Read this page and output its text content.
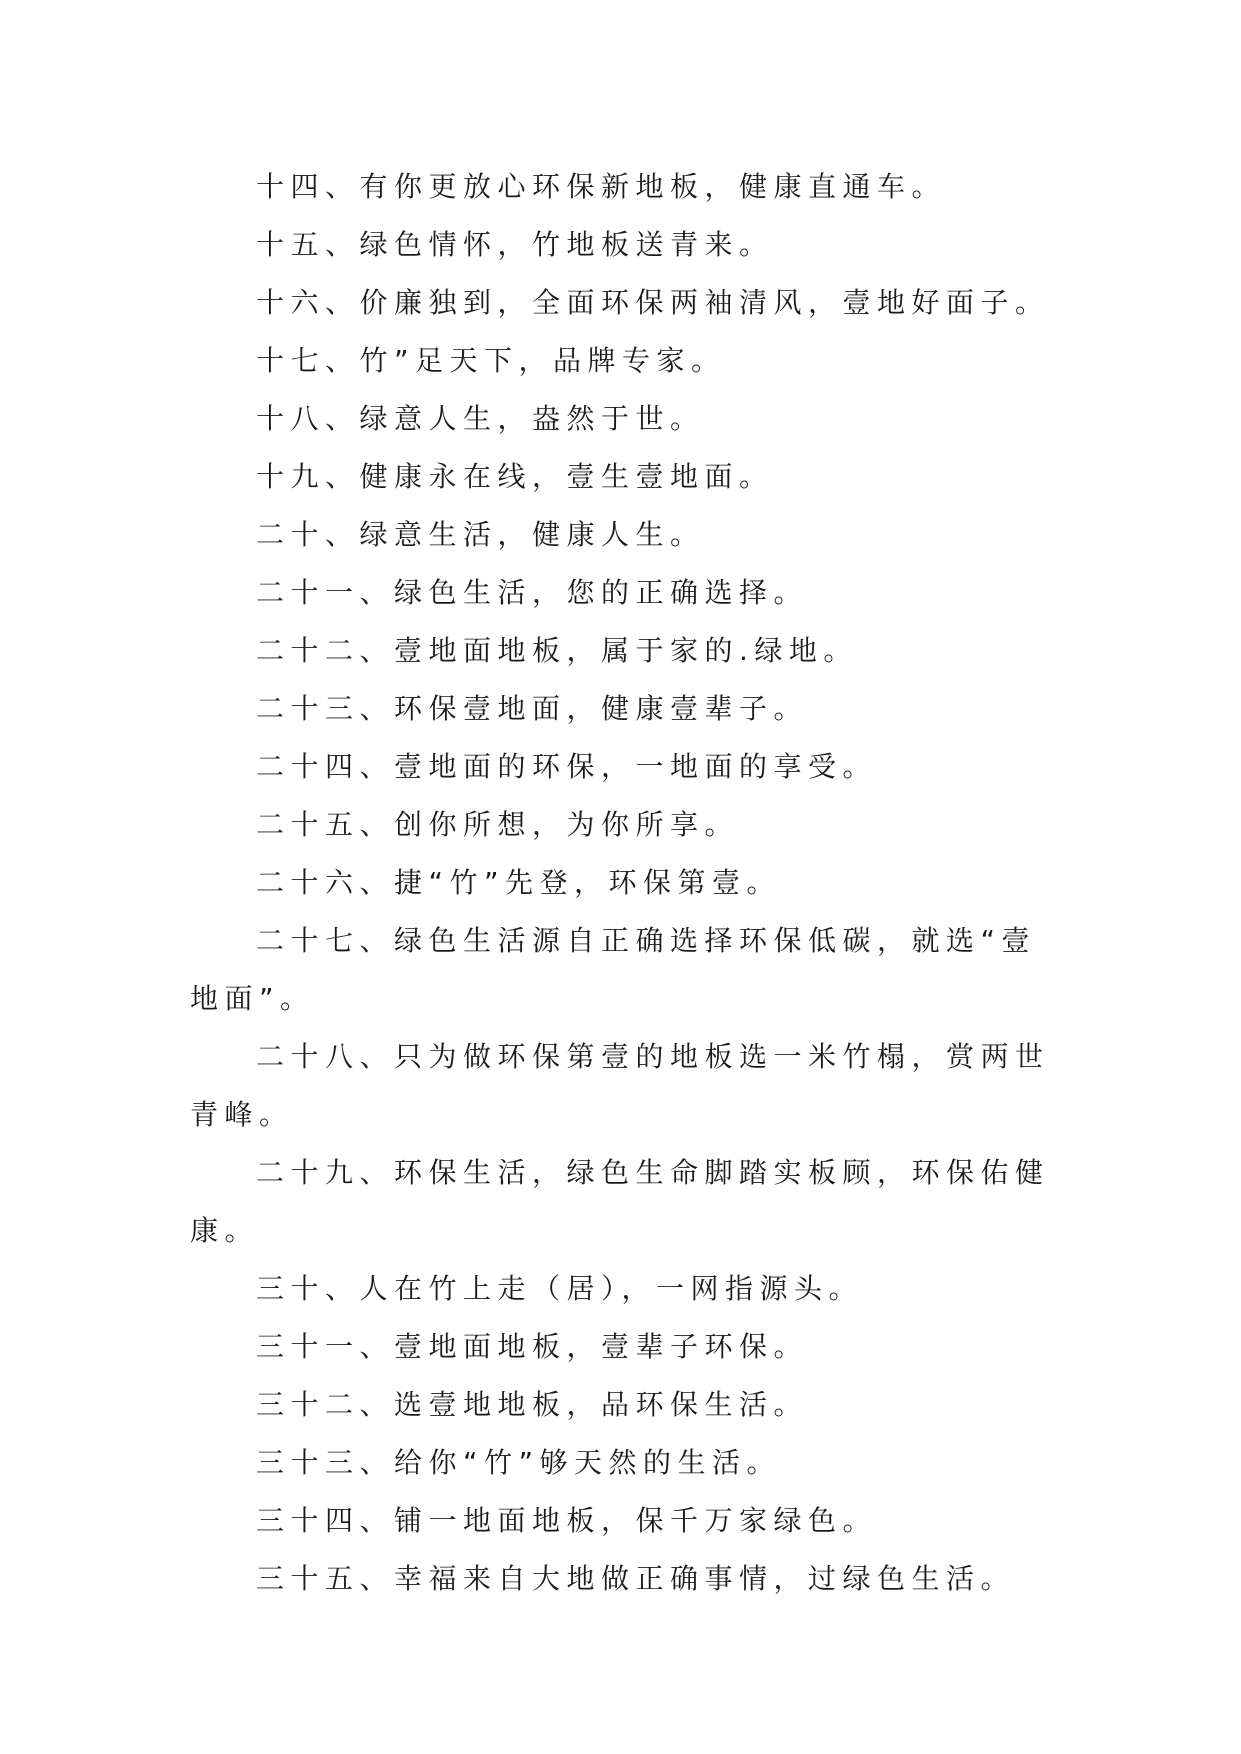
十四、有你更放心环保新地板，健康直通车。

十五、绿色情怀，竹地板送青来。

十六、价廉独到，全面环保两袖清风，壹地好面子。

十七、竹”足天下，品牌专家。

十八、绿意人生，盎然于世。

十九、健康永在线，壹生壹地面。

二十、绿意生活，健康人生。

二十一、绿色生活，您的正确选择。

二十二、壹地面地板，属于家的.绿地。

二十三、环保壹地面，健康壹辈子。

二十四、壹地面的环保，一地面的享受。

二十五、创你所想，为你所享。

二十六、捷“竹”先登，环保第壹。

二十七、绿色生活源自正确选择环保低碳，就选“壹地面”。

二十八、只为做环保第壹的地板选一米竹榻，赏两世青峰。

二十九、环保生活，绿色生命脚踏实板顾，环保佑健康。

三十、人在竹上走（居），一网指源头。

三十一、壹地面地板，壹辈子环保。

三十二、选壹地地板，品环保生活。

三十三、给你“竹”够天然的生活。

三十四、铺一地面地板，保千万家绿色。

三十五、幸福来自大地做正确事情，过绿色生活。
